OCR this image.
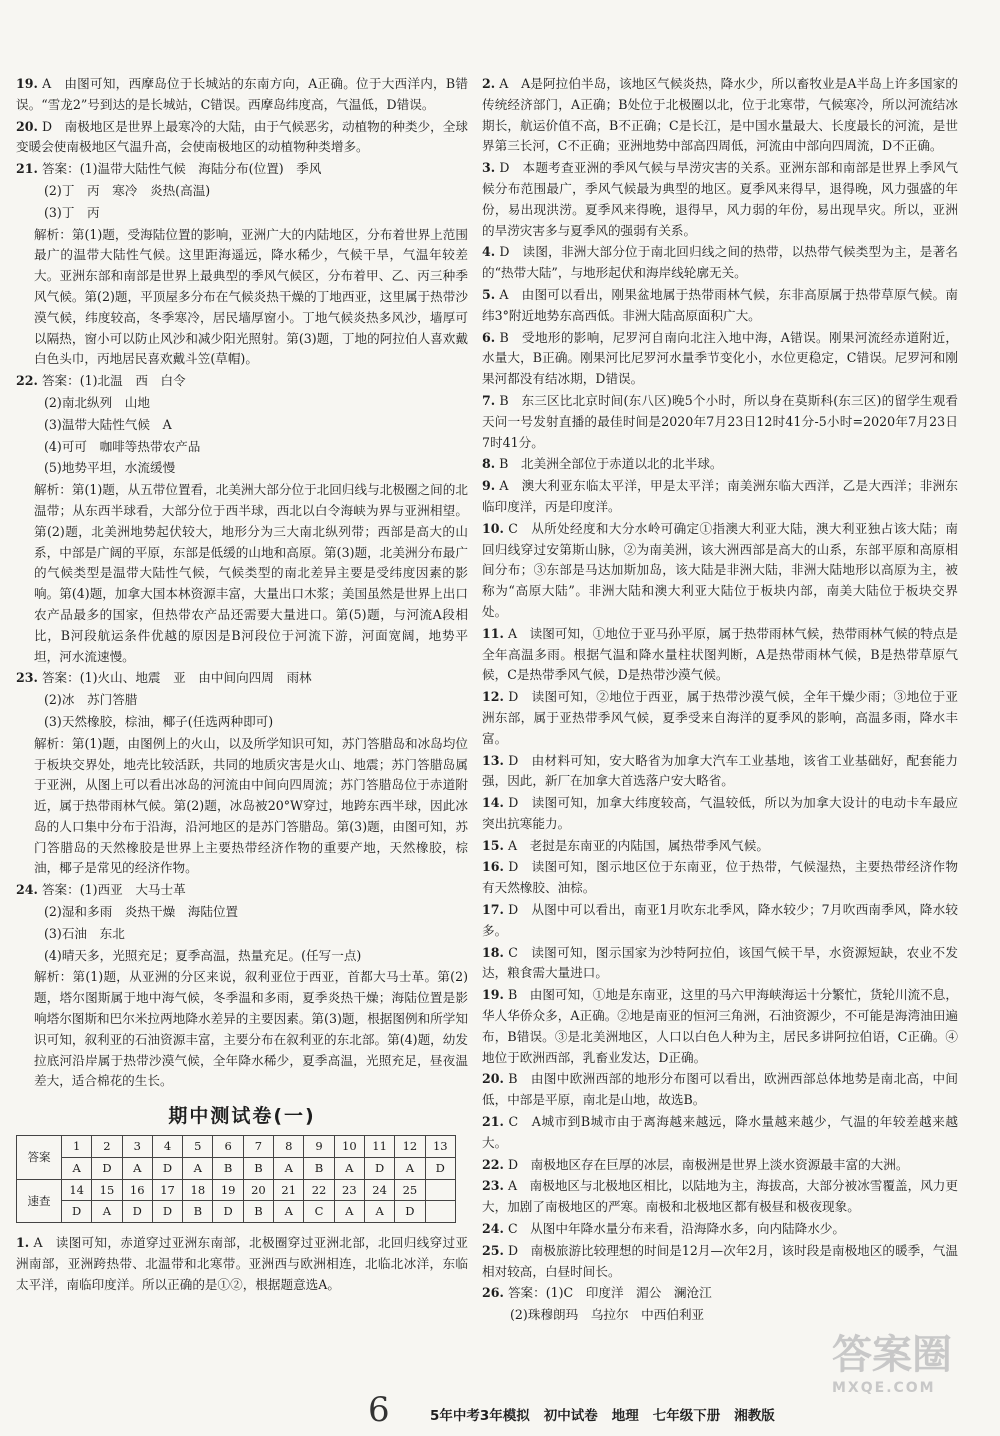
19. A　由图可知，西摩岛位于长城站的东南方向，A正确。位于大西洋内，B错误。“雪龙2”号到达的是长城站，C错误。西摩岛纬度高，气温低，D错误。
20. D　南极地区是世界上最寒冷的大陆，由于气候恶劣，动植物的种类少，全球变暖会使南极地区气温升高，会使南极地区的动植物种类增多。
21. 答案：(1)温带大陆性气候　海陆分布(位置)　季风
(2)丁　丙　寒冷　炎热(高温)
(3)丁　丙
解析：第(1)题，受海陆位置的影响，亚洲广大的内陆地区，分布着世界上范围最广的温带大陆性气候。这里距海遥远，降水稀少，气候干旱，气温年较差大。亚洲东部和南部是世界上最典型的季风气候区，分布着甲、乙、丙三种季风气候。第(2)题，平顶屋多分布在气候炎热干燥的丁地西亚，这里属于热带沙漠气候，纬度较高，冬季寒冷，居民墙厚窗小。丁地气候炎热多风沙，墙厚可以隔热，窗小可以防止风沙和减少阳光照射。第(3)题，丁地的阿拉伯人喜欢戴白色头巾，丙地居民喜欢戴斗笠(草帽)。
22. 答案：(1)北温　西　白令
(2)南北纵列　山地
(3)温带大陆性气候　A
(4)可可　咖啡等热带农产品
(5)地势平坦，水流缓慢
解析：第(1)题，从五带位置看，北美洲大部分位于北回归线与北极圈之间的北温带；从东西半球看，大部分位于西半球，西北以白令海峡为界与亚洲相望。第(2)题，北美洲地势起伏较大，地形分为三大南北纵列带；西部是高大的山系，中部是广阔的平原，东部是低缓的山地和高原。第(3)题，北美洲分布最广的气候类型是温带大陆性气候，气候类型的南北差异主要是受纬度因素的影响。第(4)题，加拿大国本林资源丰富，大量出口木浆；美国虽然是世界上出口农产品最多的国家，但热带农产品还需要大量进口。第(5)题，与河流A段相比，B河段航运条件优越的原因是B河段位于河流下游，河面宽阔，地势平坦，河水流速慢。
23. 答案：(1)火山、地震　亚　由中间向四周　雨林
(2)冰　苏门答腊
(3)天然橡胶，棕油，椰子(任选两种即可)
解析：第(1)题，由图例上的火山，以及所学知识可知，苏门答腊岛和冰岛均位于板块交界处，地壳比较活跃，共同的地质灾害是火山、地震；苏门答腊岛属于亚洲，从图上可以看出冰岛的河流由中间向四周流；苏门答腊岛位于赤道附近，属于热带雨林气候。第(2)题，冰岛被20°W穿过，地跨东西半球，因此冰岛的人口集中分布于沿海，沿河地区的是苏门答腊岛。第(3)题，由图可知，苏门答腊岛的天然橡胶是世界上主要热带经济作物的重要产地，天然橡胶，棕油，椰子是常见的经济作物。
24. 答案：(1)西亚　大马士革
(2)湿和多雨　炎热干燥　海陆位置
(3)石油　东北
(4)晴天多，光照充足；夏季高温，热量充足。(任写一点)
解析：第(1)题，从亚洲的分区来说，叙利亚位于西亚，首都大马士革。第(2)题，塔尔图斯属于地中海气候，冬季温和多雨，夏季炎热干燥；海陆位置是影响塔尔图斯和巴尔米拉两地降水差异的主要因素。第(3)题，根据图例和所学知识可知，叙利亚的石油资源丰富，主要分布在叙利亚的东北部。第(4)题，幼发拉底河沿岸属于热带沙漠气候，全年降水稀少，夏季高温，光照充足，昼夜温差大，适合棉花的生长。
期中测试卷(一)
答案	1	2	3	4	5	6	7	8	9	10	11	12	13
	A	D	A	D	A	B	B	A	B	A	D	A	D
速查	14	15	16	17	18	19	20	21	22	23	24	25	
	D	A	D	D	B	D	B	A	C	A	A	D	
1. A　读图可知，赤道穿过亚洲东南部，北极圈穿过亚洲北部，北回归线穿过亚洲南部，亚洲跨热带、北温带和北寒带。亚洲西与欧洲相连，北临北冰洋，东临太平洋，南临印度洋。所以正确的是①②，根据题意选A。
2. A　A是阿拉伯半岛，该地区气候炎热，降水少，所以畜牧业是A半岛上许多国家的传统经济部门，A正确；B处位于北极圈以北，位于北寒带，气候寒冷，所以河流结冰期长，航运价值不高，B不正确；C是长江，是中国水量最大、长度最长的河流，是世界第三长河，C不正确；亚洲地势中部高四周低，河流由中部向四周流，D不正确。
3. D　本题考查亚洲的季风气候与旱涝灾害的关系。亚洲东部和南部是世界上季风气候分布范围最广，季风气候最为典型的地区。夏季风来得早，退得晚，风力强盛的年份，易出现洪涝。夏季风来得晚，退得早，风力弱的年份，易出现旱灾。所以，亚洲的旱涝灾害多与夏季风的强弱有关系。
4. D　读图，非洲大部分位于南北回归线之间的热带，以热带气候类型为主，是著名的“热带大陆”，与地形起伏和海岸线轮廓无关。
5. A　由图可以看出，刚果盆地属于热带雨林气候，东非高原属于热带草原气候。南纬3°附近地势东高西低。非洲大陆高原面积广大。
6. B　受地形的影响，尼罗河自南向北注入地中海，A错误。刚果河流经赤道附近，水量大，B正确。刚果河比尼罗河水量季节变化小，水位更稳定，C错误。尼罗河和刚果河都没有结冰期，D错误。
7. B　东三区比北京时间(东八区)晚5个小时，所以身在莫斯科(东三区)的留学生观看天问一号发射直播的最佳时间是2020年7月23日12时41分-5小时=2020年7月23日7时41分。
8. B　北美洲全部位于赤道以北的北半球。
9. A　澳大利亚东临太平洋，甲是太平洋；南美洲东临大西洋，乙是大西洋；非洲东临印度洋，丙是印度洋。
10. C　从所处经度和大分水岭可确定①指澳大利亚大陆，澳大利亚独占该大陆；南回归线穿过安第斯山脉，②为南美洲，该大洲西部是高大的山系，东部平原和高原相间分布；③东部是马达加斯加岛，该大陆是非洲大陆，非洲大陆地形以高原为主，被称为“高原大陆”。非洲大陆和澳大利亚大陆位于板块内部，南美大陆位于板块交界处。
11. A　读图可知，①地位于亚马孙平原，属于热带雨林气候，热带雨林气候的特点是全年高温多雨。根据气温和降水量柱状图判断，A是热带雨林气候，B是热带草原气候，C是热带季风气候，D是热带沙漠气候。
12. D　读图可知，②地位于西亚，属于热带沙漠气候，全年干燥少雨；③地位于亚洲东部，属于亚热带季风气候，夏季受来自海洋的夏季风的影响，高温多雨，降水丰富。
13. D　由材料可知，安大略省为加拿大汽车工业基地，该省工业基础好，配套能力强，因此，新厂在加拿大首选落户安大略省。
14. D　读图可知，加拿大纬度较高，气温较低，所以为加拿大设计的电动卡车最应突出抗寒能力。
15. A　老挝是东南亚的内陆国，属热带季风气候。
16. D　读图可知，图示地区位于东南亚，位于热带，气候湿热，主要热带经济作物有天然橡胶、油棕。
17. D　从图中可以看出，南亚1月吹东北季风，降水较少；7月吹西南季风，降水较多。
18. C　读图可知，图示国家为沙特阿拉伯，该国气候干旱，水资源短缺，农业不发达，粮食需大量进口。
19. B　由图可知，①地是东南亚，这里的马六甲海峡海运十分繁忙，货轮川流不息，华人华侨众多，A正确。②地是南亚的恒河三角洲，石油资源少，不可能是海湾油田遍布，B错误。③是北美洲地区，人口以白色人种为主，居民多讲阿拉伯语，C正确。④地位于欧洲西部，乳畜业发达，D正确。
20. B　由图中欧洲西部的地形分布图可以看出，欧洲西部总体地势是南北高，中间低，中部是平原，南北是山地，故选B。
21. C　A城市到B城市由于离海越来越远，降水量越来越少，气温的年较差越来越大。
22. D　南极地区存在巨厚的冰层，南极洲是世界上淡水资源最丰富的大洲。
23. A　南极地区与北极地区相比，以陆地为主，海拔高，大部分被冰雪覆盖，风力更大，加剧了南极地区的严寒。南极和北极地区都有极昼和极夜现象。
24. C　从图中年降水量分布来看，沿海降水多，向内陆降水少。
25. D　南极旅游比较理想的时间是12月—次年2月，该时段是南极地区的暖季，气温相对较高，白昼时间长。
26. 答案：(1)C　印度洋　湄公　澜沧江
(2)珠穆朗玛　乌拉尔　中西伯利亚
6	5年中考3年模拟 初中试卷 地理 七年级下册 湘教版
答案圈
MXQE.COM
